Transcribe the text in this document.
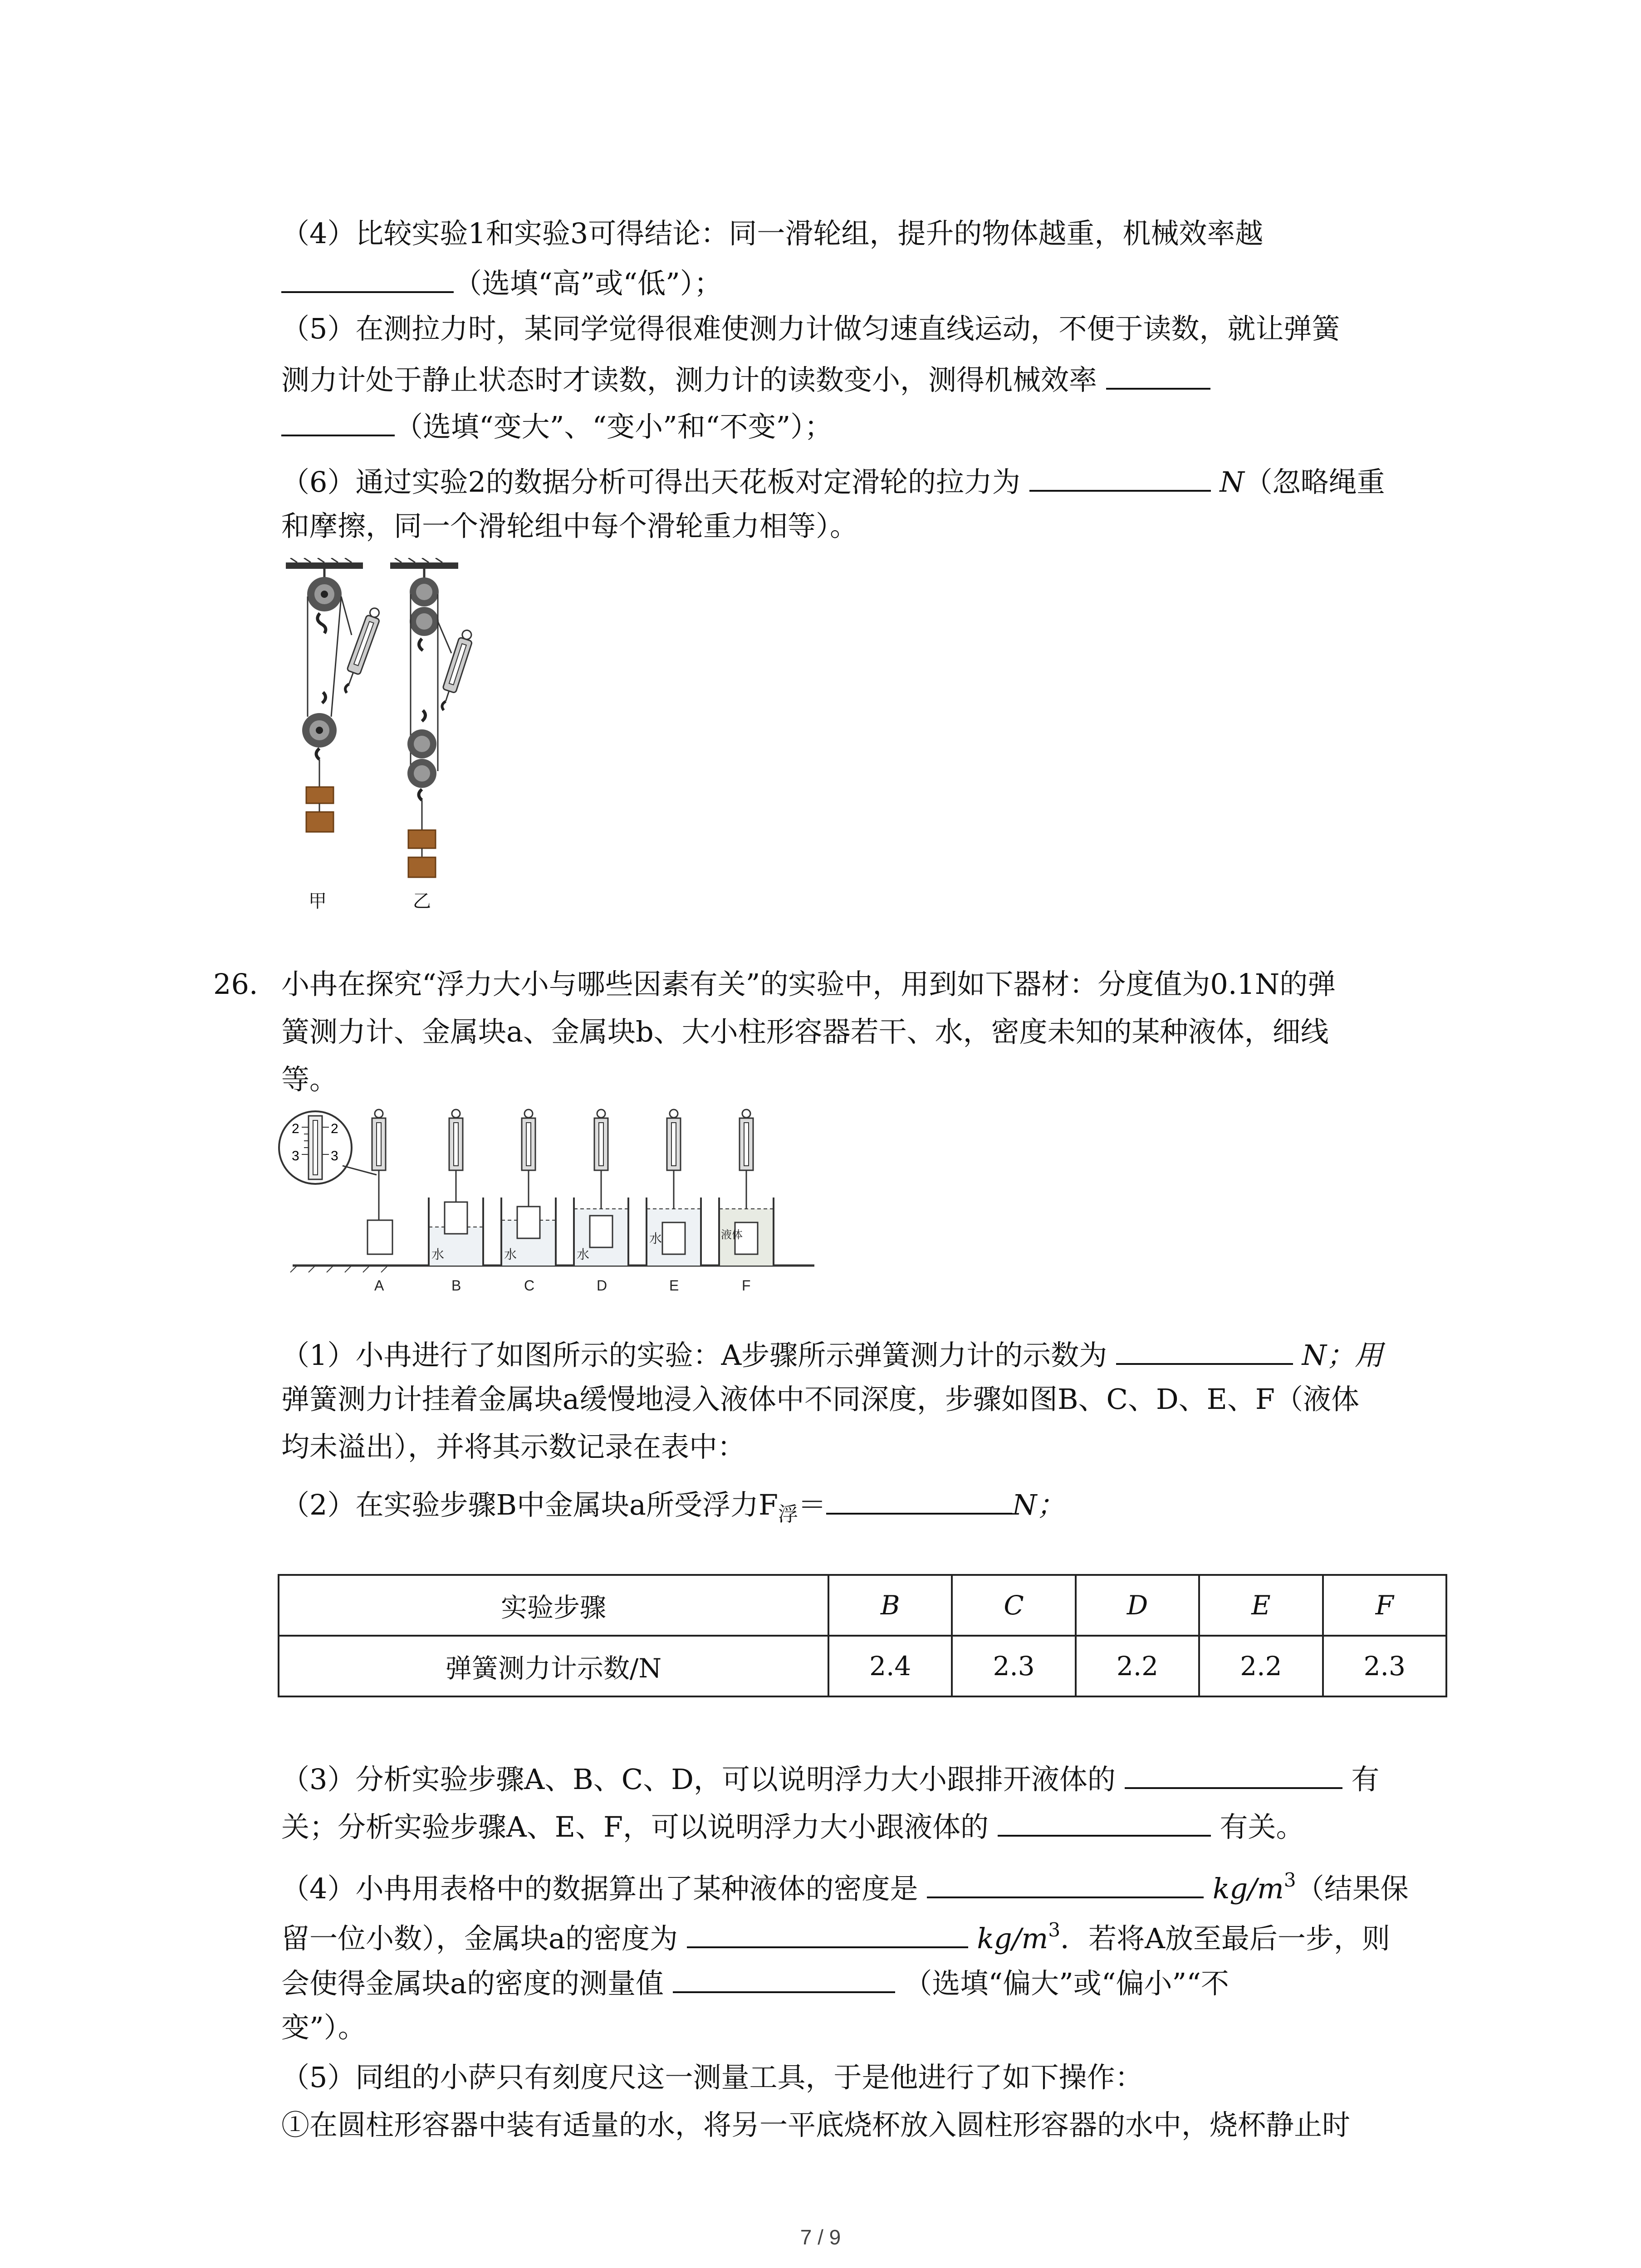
（4）比较实验1和实验3可得结论：同一滑轮组，提升的物体越重，机械效率越
（选填“高”或“低”）；
（5）在测拉力时，某同学觉得很难使测力计做匀速直线运动，不便于读数，就让弹簧
测力计处于静止状态时才读数，测力计的读数变小，测得机械效率
（选填“变大”、“变小”和“不变”）；
（6）通过实验2的数据分析可得出天花板对定滑轮的拉力为	N（忽略绳重
和摩擦，同一个滑轮组中每个滑轮重力相等）。
甲	乙
26. 小冉在探究“浮力大小与哪些因素有关”的实验中，用到如下器材：分度值为0.1N的弹
簧测力计、金属块a、金属块b、大小柱形容器若干、水，密度未知的某种液体，细线
等。
2 2
3 3
水	水	水
水	液体
A	B	C	D	E	F
（1）小冉进行了如图所示的实验：A步骤所示弹簧测力计的示数为	N；用
弹簧测力计挂着金属块a缓慢地浸入液体中不同深度，步骤如图B、C、D、E、F（液体
均未溢出），并将其示数记录在表中：
（2）在实验步骤B中金属块a所受浮力$F_浮=$	N；
实验步骤	B	C	D	E	F
弹簧测力计示数/N	2.4	2.3	2.2	2.2	2.3
（3）分析实验步骤A、B、C、D，可以说明浮力大小跟排开液体的	有
关；分析实验步骤A、E、F，可以说明浮力大小跟液体的	有关。
（4）小冉用表格中的数据算出了某种液体的密度是	$kg/m^3$（结果保
留一位小数），金属块a的密度为	$kg/m^3$．若将A放至最后一步，则
会使得金属块a的密度的测量值	（选填“偏大”或“偏小”“不
变”）。
（5）同组的小萨只有刻度尺这一测量工具，于是他进行了如下操作：
①在圆柱形容器中装有适量的水，将另一平底烧杯放入圆柱形容器的水中，烧杯静止时
7 / 9
